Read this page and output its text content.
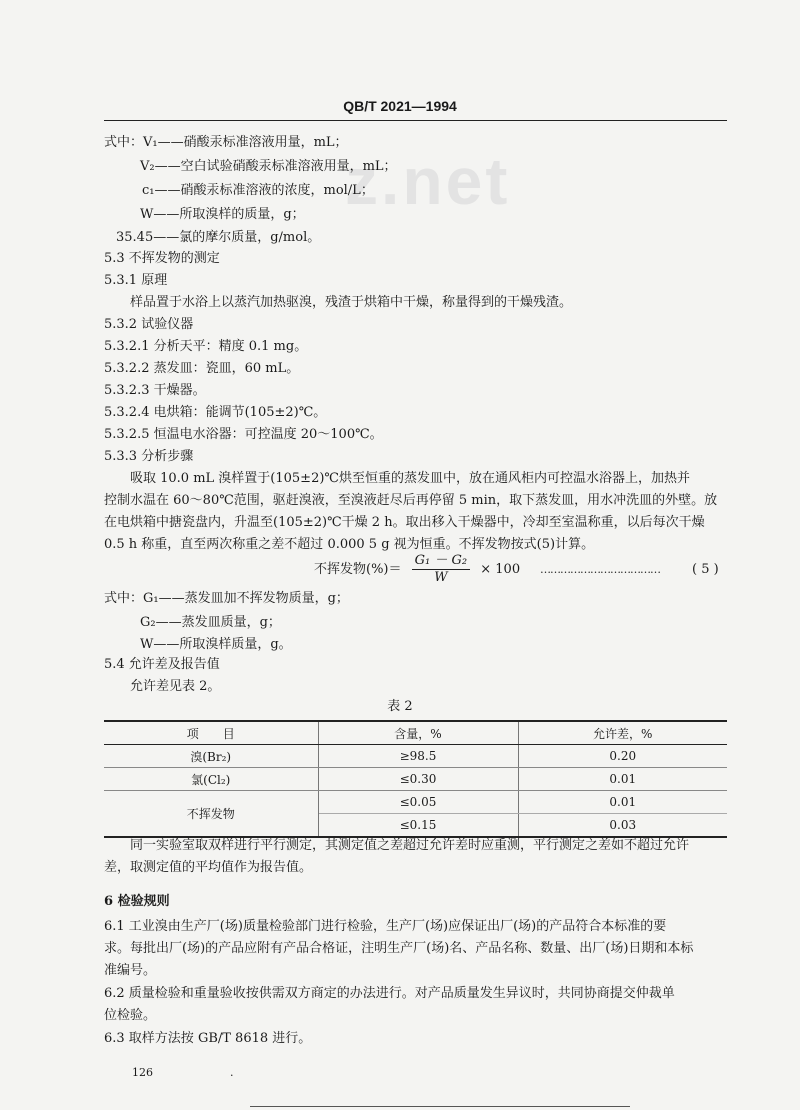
QB/T 2021—1994
z.net
式中：V₁——硝酸汞标准溶液用量，mL；
V₂——空白试验硝酸汞标准溶液用量，mL；
c₁——硝酸汞标准溶液的浓度，mol/L；
W——所取溴样的质量，g；
35.45——氯的摩尔质量，g/mol。
5.3 不挥发物的测定
5.3.1 原理
样品置于水浴上以蒸汽加热驱溴，残渣于烘箱中干燥，称量得到的干燥残渣。
5.3.2 试验仪器
5.3.2.1 分析天平：精度 0.1 mg。
5.3.2.2 蒸发皿：瓷皿，60 mL。
5.3.2.3 干燥器。
5.3.2.4 电烘箱：能调节(105±2)℃。
5.3.2.5 恒温电水浴器：可控温度 20～100℃。
5.3.3 分析步骤
吸取 10.0 mL 溴样置于(105±2)℃烘至恒重的蒸发皿中，放在通风柜内可控温水浴器上，加热并
控制水温在 60～80℃范围，驱赶溴液，至溴液赶尽后再停留 5 min，取下蒸发皿，用水冲洗皿的外壁。放
在电烘箱中搪瓷盘内，升温至(105±2)℃干燥 2 h。取出移入干燥器中，冷却至室温称重，以后每次干燥
0.5 h 称重，直至两次称重之差不超过 0.000 5 g 视为恒重。不挥发物按式(5)计算。
不挥发物(%)＝ $\frac{\text{G₁ － G₂}}{W} \times 100$ ……………………………… ( 5 )
式中：G₁——蒸发皿加不挥发物质量，g；
G₂——蒸发皿质量，g；
W——所取溴样质量，g。
5.4 允许差及报告值
允许差见表 2。
表 2
项　　目	含量，%	允许差，%
溴(Br₂)	≥98.5	0.20
氯(Cl₂)	≤0.30	0.01
不挥发物	≤0.05	0.01
	≤0.15	0.03
同一实验室取双样进行平行测定，其测定值之差超过允许差时应重测，平行测定之差如不超过允许
差，取测定值的平均值作为报告值。
6 检验规则
6.1 工业溴由生产厂(场)质量检验部门进行检验，生产厂(场)应保证出厂(场)的产品符合本标准的要
求。每批出厂(场)的产品应附有产品合格证，注明生产厂(场)名、产品名称、数量、出厂(场)日期和本标
准编号。
6.2 质量检验和重量验收按供需双方商定的办法进行。对产品质量发生异议时，共同协商提交仲裁单
位检验。
6.3 取样方法按 GB/T 8618 进行。
126	.
